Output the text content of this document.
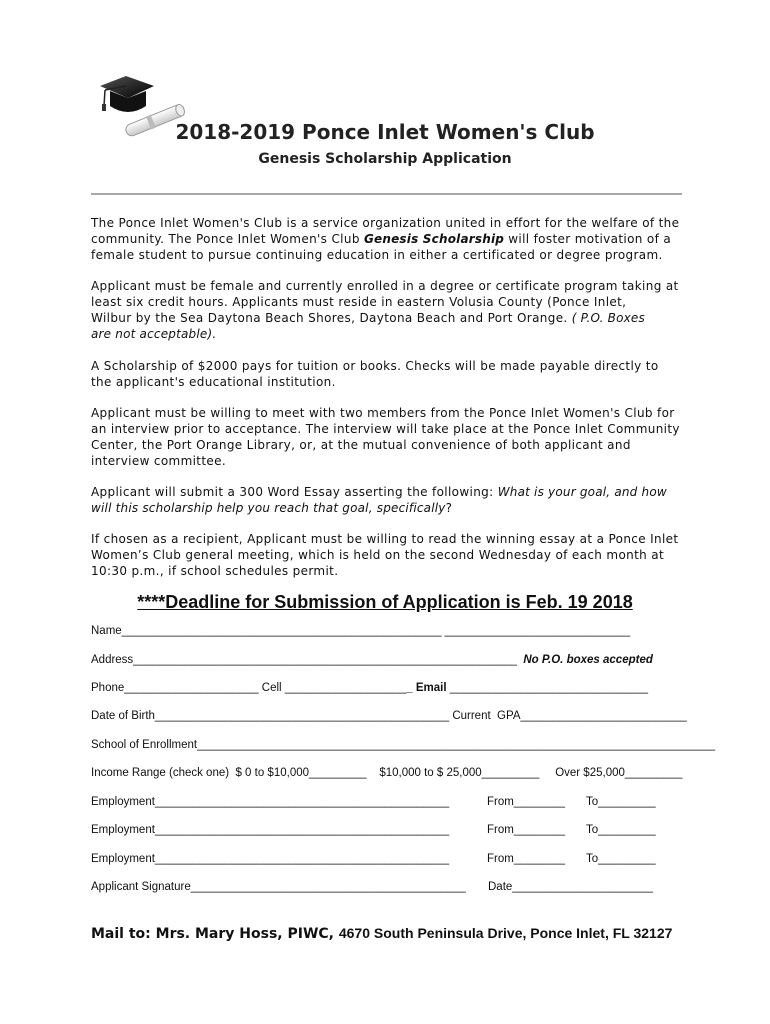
2018-2019 Ponce Inlet Women's Club
Genesis Scholarship Application
The Ponce Inlet Women's Club is a service organization united in effort for the welfare of the
community. The Ponce Inlet Women's Club Genesis Scholarship will foster motivation of a
female student to pursue continuing education in either a certificated or degree program.
Applicant must be female and currently enrolled in a degree or certificate program taking at
least six credit hours. Applicants must reside in eastern Volusia County (Ponce Inlet,
Wilbur by the Sea Daytona Beach Shores, Daytona Beach and Port Orange. ( P.O. Boxes
are not acceptable).
A Scholarship of $2000 pays for tuition or books. Checks will be made payable directly to
the applicant's educational institution.
Applicant must be willing to meet with two members from the Ponce Inlet Women's Club for
an interview prior to acceptance. The interview will take place at the Ponce Inlet Community
Center, the Port Orange Library, or, at the mutual convenience of both applicant and
interview committee.
Applicant will submit a 300 Word Essay asserting the following: What is your goal, and how
will this scholarship help you reach that goal, specifically?
If chosen as a recipient, Applicant must be willing to read the winning essay at a Ponce Inlet
Women’s Club general meeting, which is held on the second Wednesday of each month at
10:30 p.m., if school schedules permit.
****Deadline for Submission of Application is Feb. 19 2018
Name__________________________________________________ _____________________________
Address____________________________________________________________  No P.O. boxes accepted
Phone_____________________ Cell ____________________ Email _______________________________
Date of Birth______________________________________________ Current  GPA__________________________
School of Enrollment_________________________________________________________________________________
Income Range (check one)  $ 0 to $10,000_________    $10,000 to $ 25,000_________     Over $25,000_________
Employment______________________________________________	From________ To_________
Employment______________________________________________	From________ To_________
Employment______________________________________________	From________ To_________
Applicant Signature___________________________________________ Date______________________
Mail to: Mrs. Mary Hoss, PIWC, 4670 South Peninsula Drive, Ponce Inlet, FL 32127
